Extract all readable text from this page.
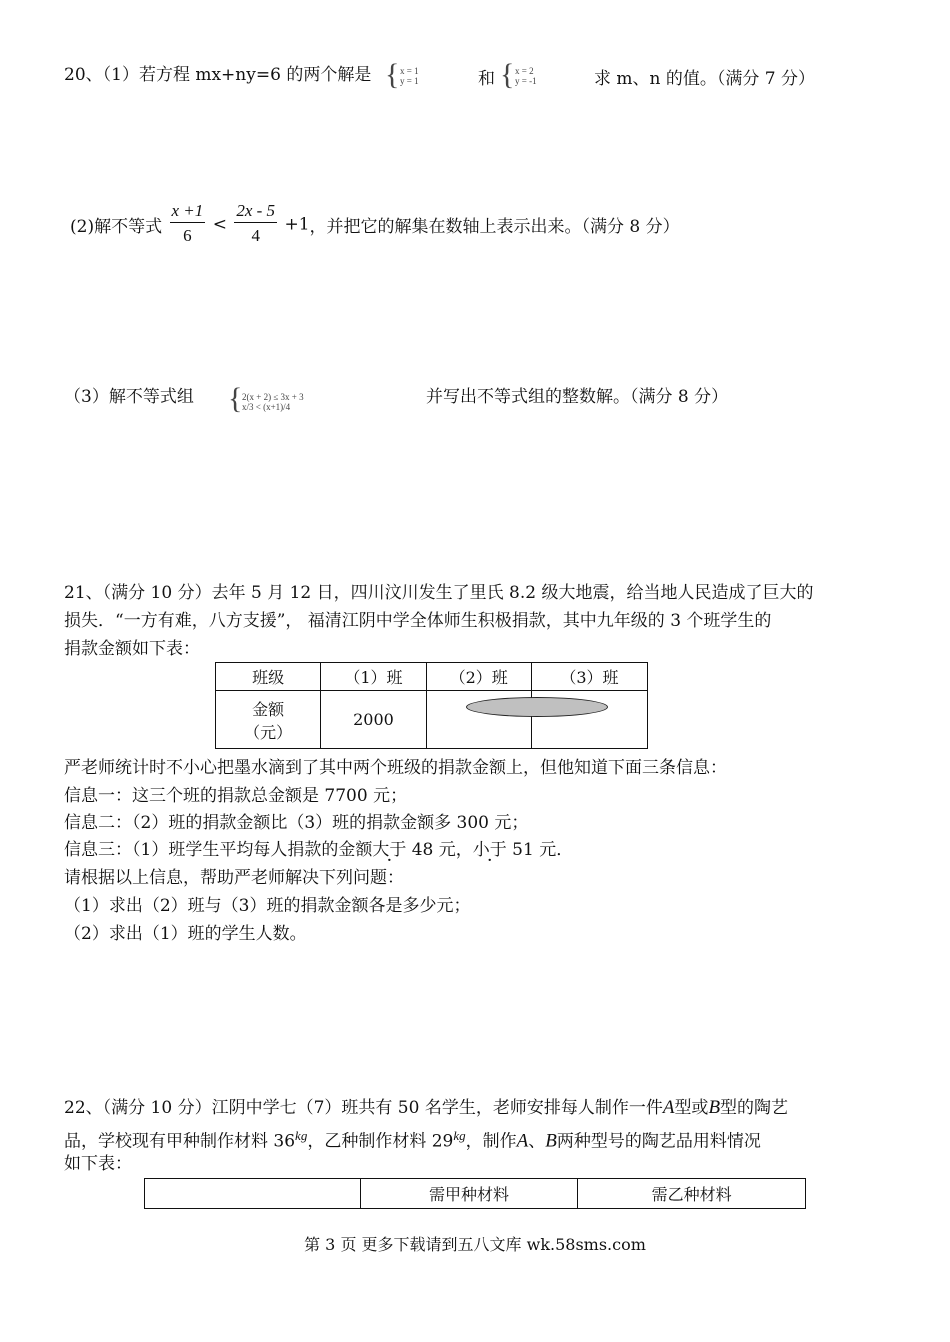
20、（1）若方程 mx+ny=6 的两个解是 { x = 1
y = 1	和 { x = 2
y = -1	求 m、n 的值。（满分 7 分）
(2)解不等式 $\frac{x +1}{6} < \frac{2x - 5}{4} +1$，并把它的解集在数轴上表示出来。（满分 8 分）
（3）解不等式组 { 2(x + 2) ≤ 3x + 3
x/3 < (x+1)/4	并写出不等式组的整数解。（满分 8 分）
21、（满分 10 分）去年 5 月 12 日，四川汶川发生了里氏 8.2 级大地震，给当地人民造成了巨大的
损失．“一方有难，八方支援”， 福清江阴中学全体师生积极捐款，其中九年级的 3 个班学生的
捐款金额如下表：
班级	（1）班	（2）班	（3）班

金额
（元）	2000		
严老师统计时不小心把墨水滴到了其中两个班级的捐款金额上，但他知道下面三条信息：
信息一：这三个班的捐款总金额是 7700 元；
信息二：（2）班的捐款金额比（3）班的捐款金额多 300 元；
信息三：（1）班学生平均每人捐款的金额大于 48 元，小于 51 元．
请根据以上信息，帮助严老师解决下列问题：
（1）求出（2）班与（3）班的捐款金额各是多少元；
（2）求出（1）班的学生人数。
22、（满分 10 分）江阴中学七（7）班共有 50 名学生，老师安排每人制作一件A型或B型的陶艺
品，学校现有甲种制作材料 $36^{kg}$，乙种制作材料 $29^{kg}$，制作A、B两种型号的陶艺品用料情况
如下表：
	需甲种材料	需乙种材料
第 3 页 更多下载请到五八文库 wk.58sms.com
